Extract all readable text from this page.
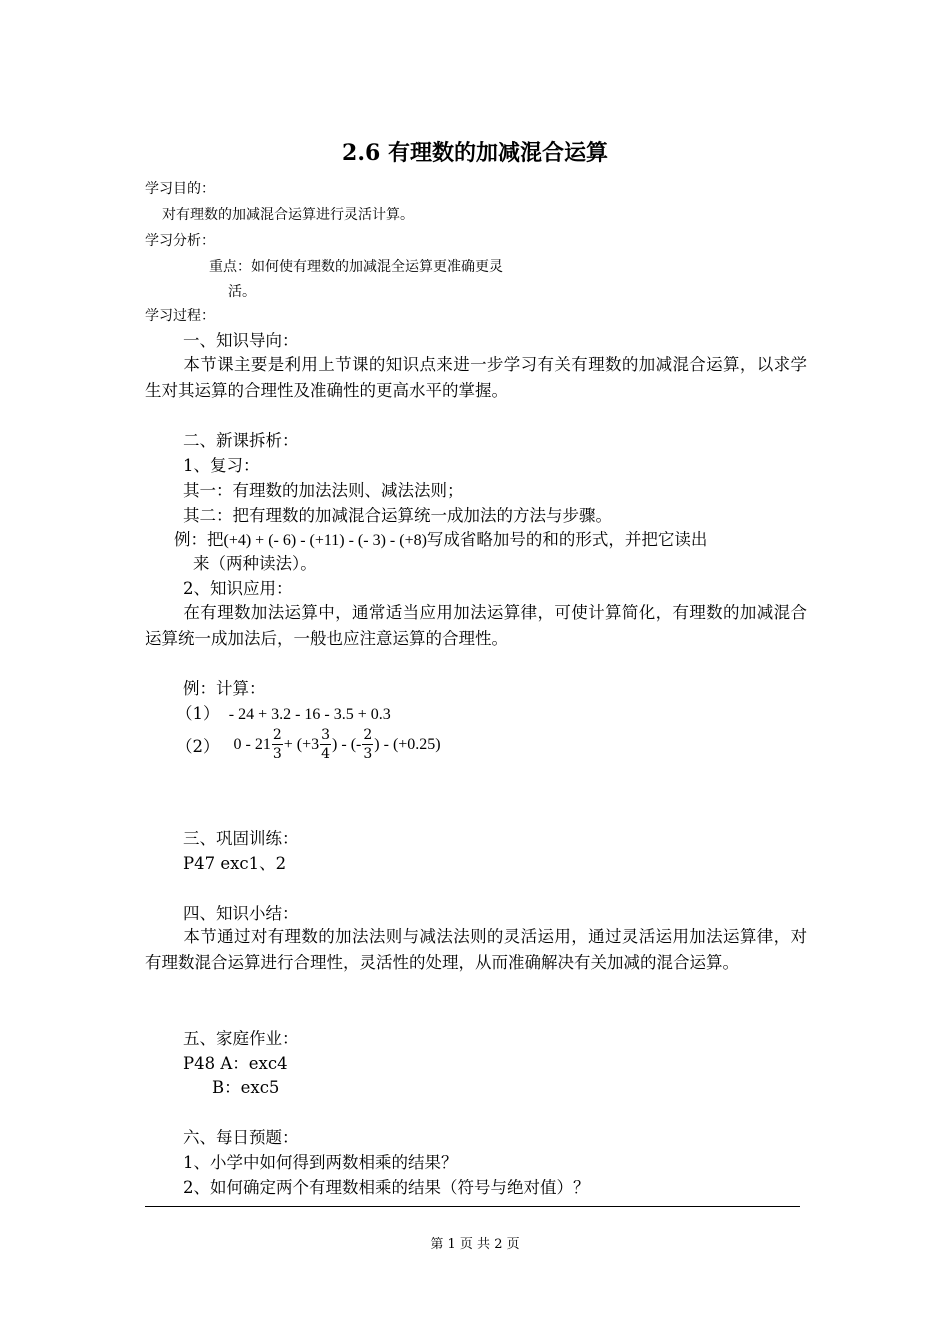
2.6 有理数的加减混合运算
学习目的：
对有理数的加减混合运算进行灵活计算。
学习分析：
重点：如何使有理数的加减混全运算更准确更灵
活。
学习过程：
一、知识导向：
本节课主要是利用上节课的知识点来进一步学习有关有理数的加减混合运算，以求学生对其运算的合理性及准确性的更高水平的掌握。
二、新课拆析：
1、复习：
其一：有理数的加法法则、减法法则；
其二：把有理数的加减混合运算统一成加法的方法与步骤。
例：把(+4) + (- 6) - (+11) - (- 3) - (+8)写成省略加号的和的形式，并把它读出
来（两种读法）。
2、知识应用：
在有理数加法运算中，通常适当应用加法运算律，可使计算简化，有理数的加减混合运算统一成加法后，一般也应注意运算的合理性。
例：计算：
（1） - 24 + 3.2 - 16 - 3.5 + 0.3
（2） $0 - 21 \frac{2}{3} + (+3 \frac{3}{4}$ ) - (- $\frac{2}{3}$ ) - (+0.25)
三、巩固训练：
P47 exc1、2
四、知识小结：
本节通过对有理数的加法法则与减法法则的灵活运用，通过灵活运用加法运算律，对有理数混合运算进行合理性，灵活性的处理，从而准确解决有关加减的混合运算。
五、家庭作业：
P48 A：exc4
B：exc5
六、每日预题：
1、小学中如何得到两数相乘的结果？
2、如何确定两个有理数相乘的结果（符号与绝对值）？
第 1 页 共 2 页
